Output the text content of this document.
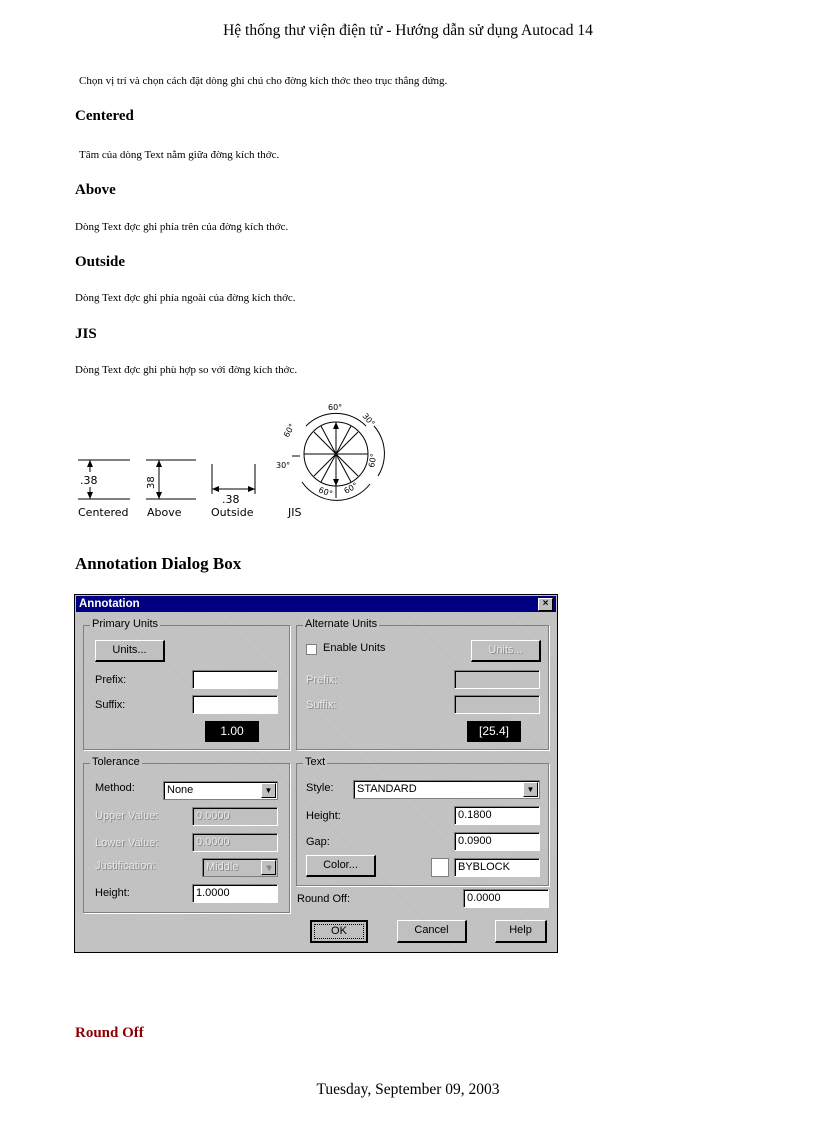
Hệ thống thư viện điện tử - Hướng dẫn sử dụng Autocad 14
Chọn vị trí và chọn cách đặt dòng ghi chú cho đờng kích thớc theo trục thẳng đứng.
Centered
Tâm của dòng Text nằm giữa đờng kích thớc.
Above
Dòng Text đợc ghi phía trên của đờng kích thớc.
Outside
Dòng Text đợc ghi phía ngoài của đờng kích thớc.
JIS
Dòng Text đợc ghi phù hợp so với đờng kích thớc.
.38	38
.38
60°
30°
60°
60°
60° 60°
30°
Centered Above	Outside	JIS
Annotation Dialog Box
Annotation	×
Primary Units
Units...
Prefix:
Suffix:
1.00
Alternate Units
Enable Units	Units...
Prefix:
Suffix:
[25.4]
Tolerance
Method:	None	▼
Upper Value:	0.0000
Lower Value:	0.0000
Justification:	Middle	▼
Height:	1.0000
Text
Style:	STANDARD	▼
Height:	0.1800
Gap:	0.0900
Color...	BYBLOCK
Round Off:	0.0000
OK	Cancel	Help
Round Off
Tuesday, September 09, 2003
